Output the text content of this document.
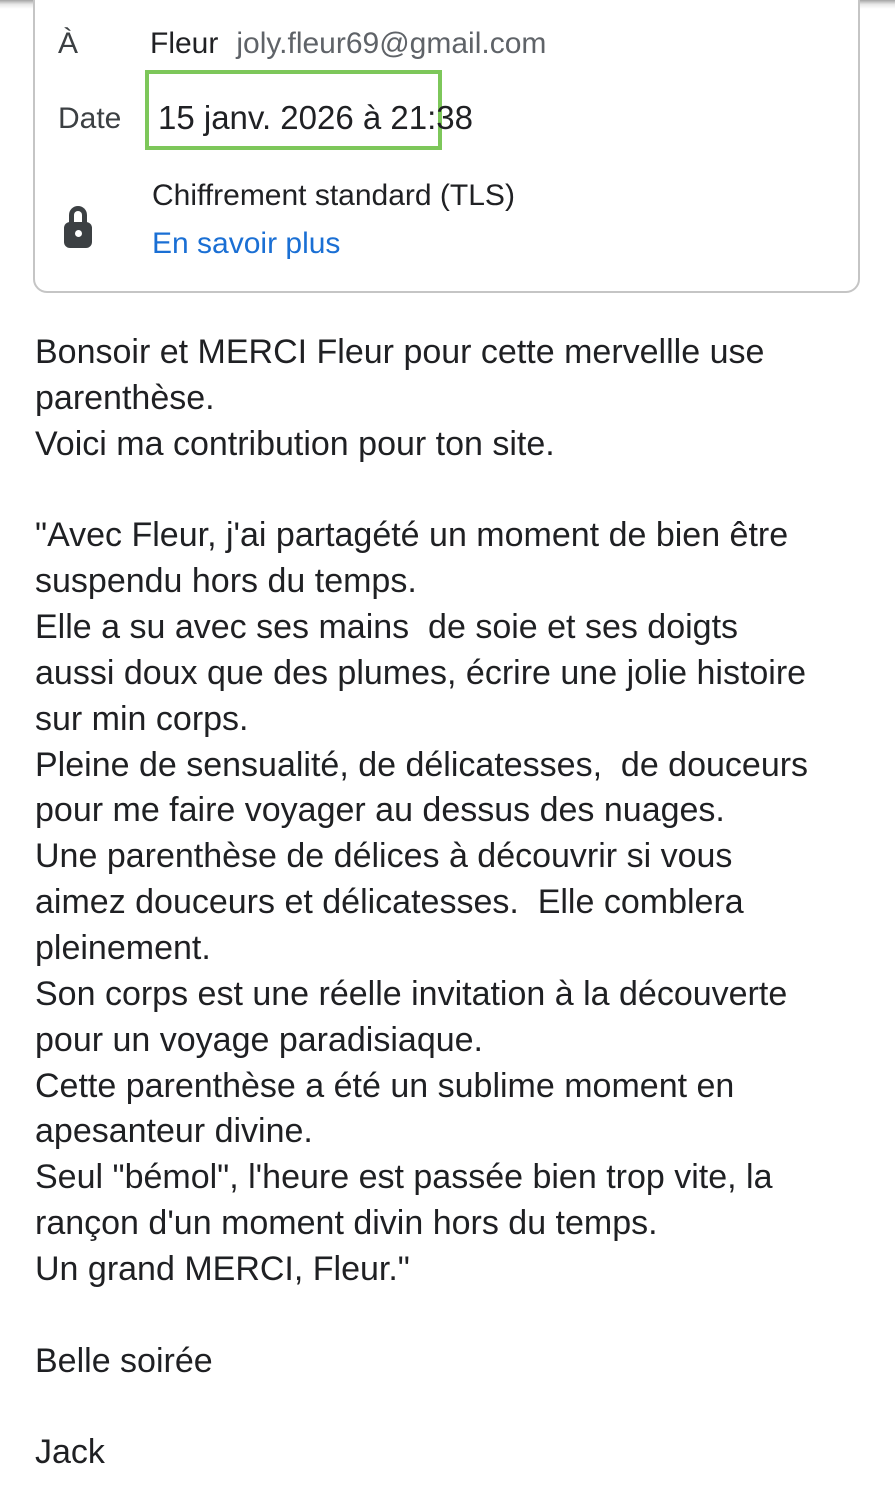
À Fleur joly.fleur69@gmail.com
Date 15 janv. 2026 à 21:38
Chiffrement standard (TLS)
En savoir plus
Bonsoir et MERCI Fleur pour cette mervellle use
parenthèse.
Voici ma contribution pour ton site.
"Avec Fleur, j'ai partagété un moment de bien être
suspendu hors du temps.
Elle a su avec ses mains  de soie et ses doigts
aussi doux que des plumes, écrire une jolie histoire
sur min corps.
Pleine de sensualité, de délicatesses,  de douceurs
pour me faire voyager au dessus des nuages.
Une parenthèse de délices à découvrir si vous
aimez douceurs et délicatesses.  Elle comblera
pleinement.
Son corps est une réelle invitation à la découverte
pour un voyage paradisiaque.
Cette parenthèse a été un sublime moment en
apesanteur divine.
Seul "bémol", l'heure est passée bien trop vite, la
rançon d'un moment divin hors du temps.
Un grand MERCI, Fleur."
Belle soirée
Jack
